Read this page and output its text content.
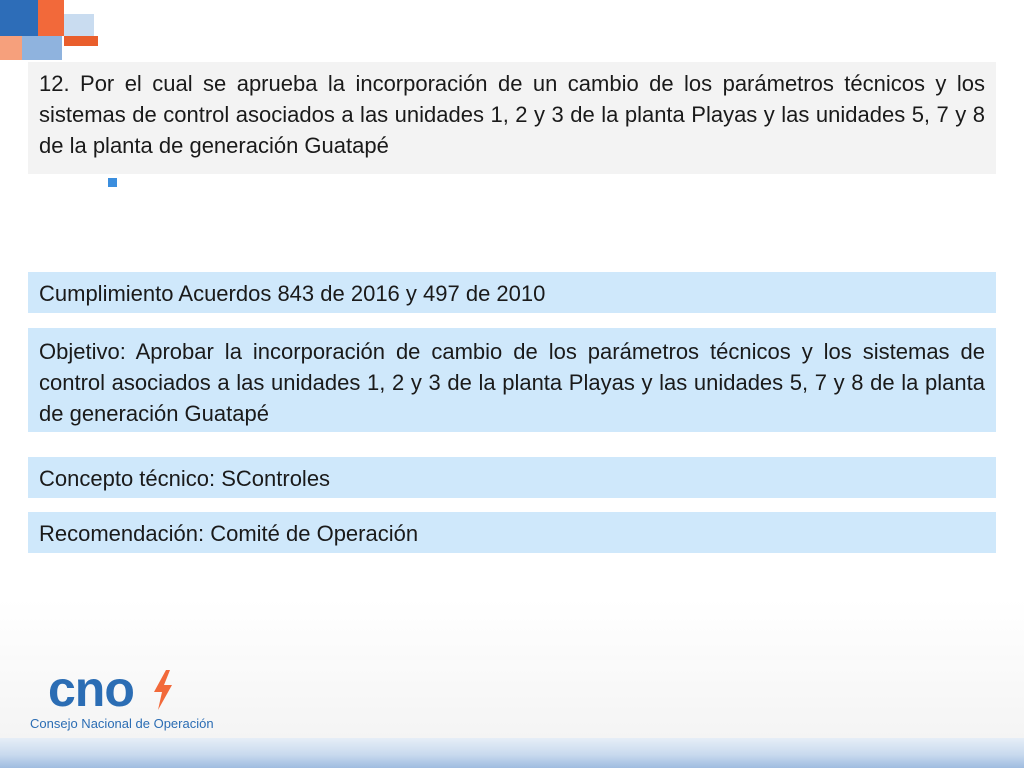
12. Por el cual se aprueba la incorporación de un cambio de los parámetros técnicos y los sistemas de control asociados a las unidades 1, 2 y 3 de la planta Playas y las unidades 5, 7 y 8 de la planta de generación Guatapé
Cumplimiento Acuerdos 843 de 2016 y 497 de 2010
Objetivo: Aprobar la incorporación de cambio de los parámetros técnicos y los sistemas de control asociados a las unidades 1, 2 y 3 de la planta Playas y las unidades 5, 7 y 8 de la planta de generación Guatapé
Concepto técnico: SControles
Recomendación: Comité de Operación
cno
Consejo Nacional de Operación
